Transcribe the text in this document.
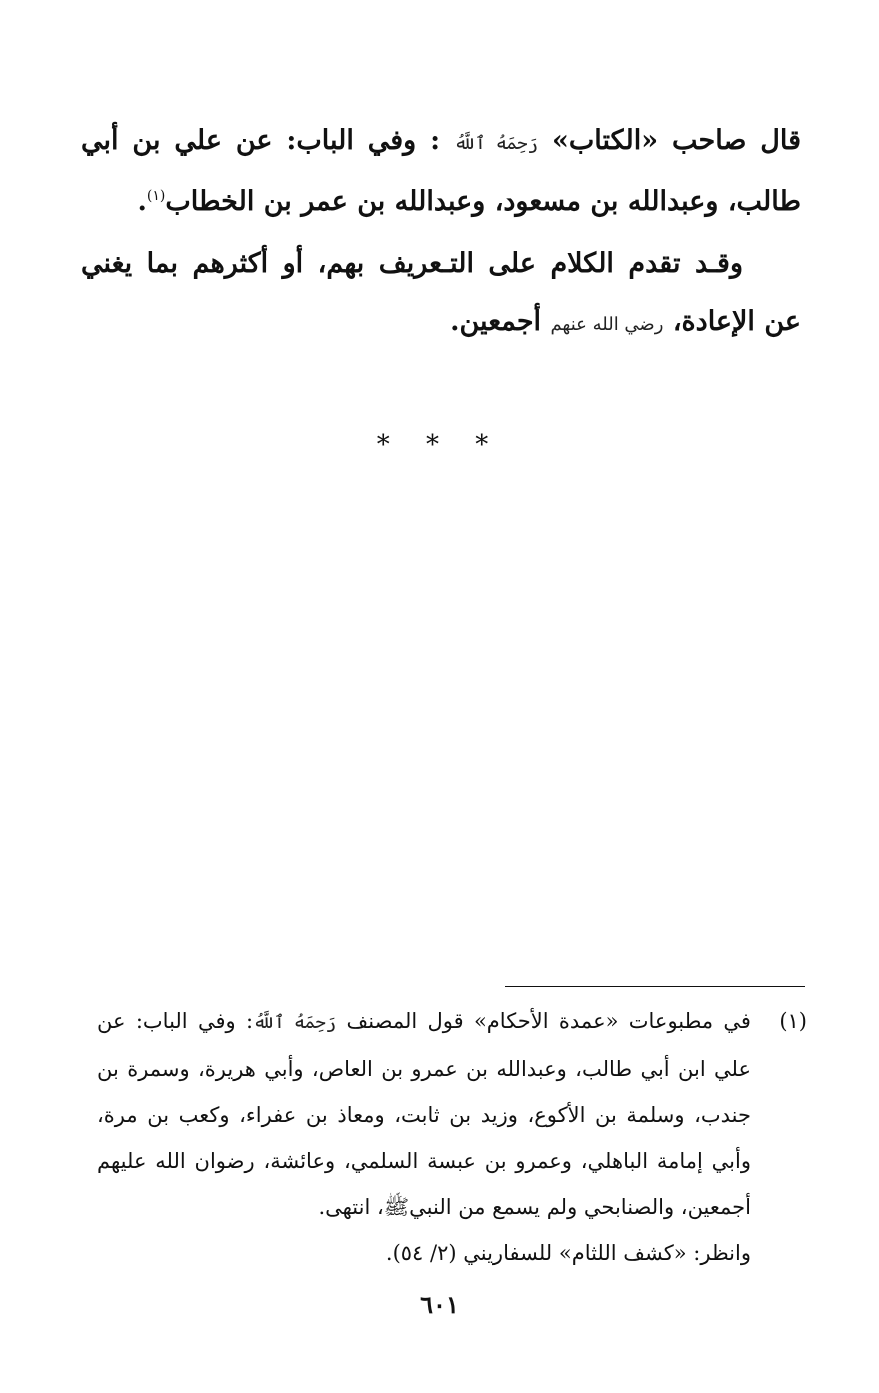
قال صاحب «الكتاب» رَحِمَهُ ٱللَّهُ : وفي الباب: عن علي بن أبي طالب، وعبدالله بن مسعود، وعبدالله بن عمر بن الخطاب$^{(١)}$.

وقـد تقدم الكلام على التـعريف بهم، أو أكثرهم بما يغني عن الإعادة، رضي الله عنهم أجمعين.

* * *
(١)

في مطبوعات «عمدة الأحكام» قول المصنف رَحِمَهُ ٱللَّهُ: وفي الباب: عن علي ابن أبي طالب، وعبدالله بن عمرو بن العاص، وأبي هريرة، وسمرة بن جندب، وسلمة بن الأكوع، وزيد بن ثابت، ومعاذ بن عفراء، وكعب بن مرة، وأبي إمامة الباهلي، وعمرو بن عبسة السلمي، وعائشة، رضوان الله عليهم أجمعين، والصنابحي ولم يسمع من النبيﷺ، انتهى.

وانظر: «كشف اللثام» للسفاريني (٢/ ٥٤).

٦٠١
